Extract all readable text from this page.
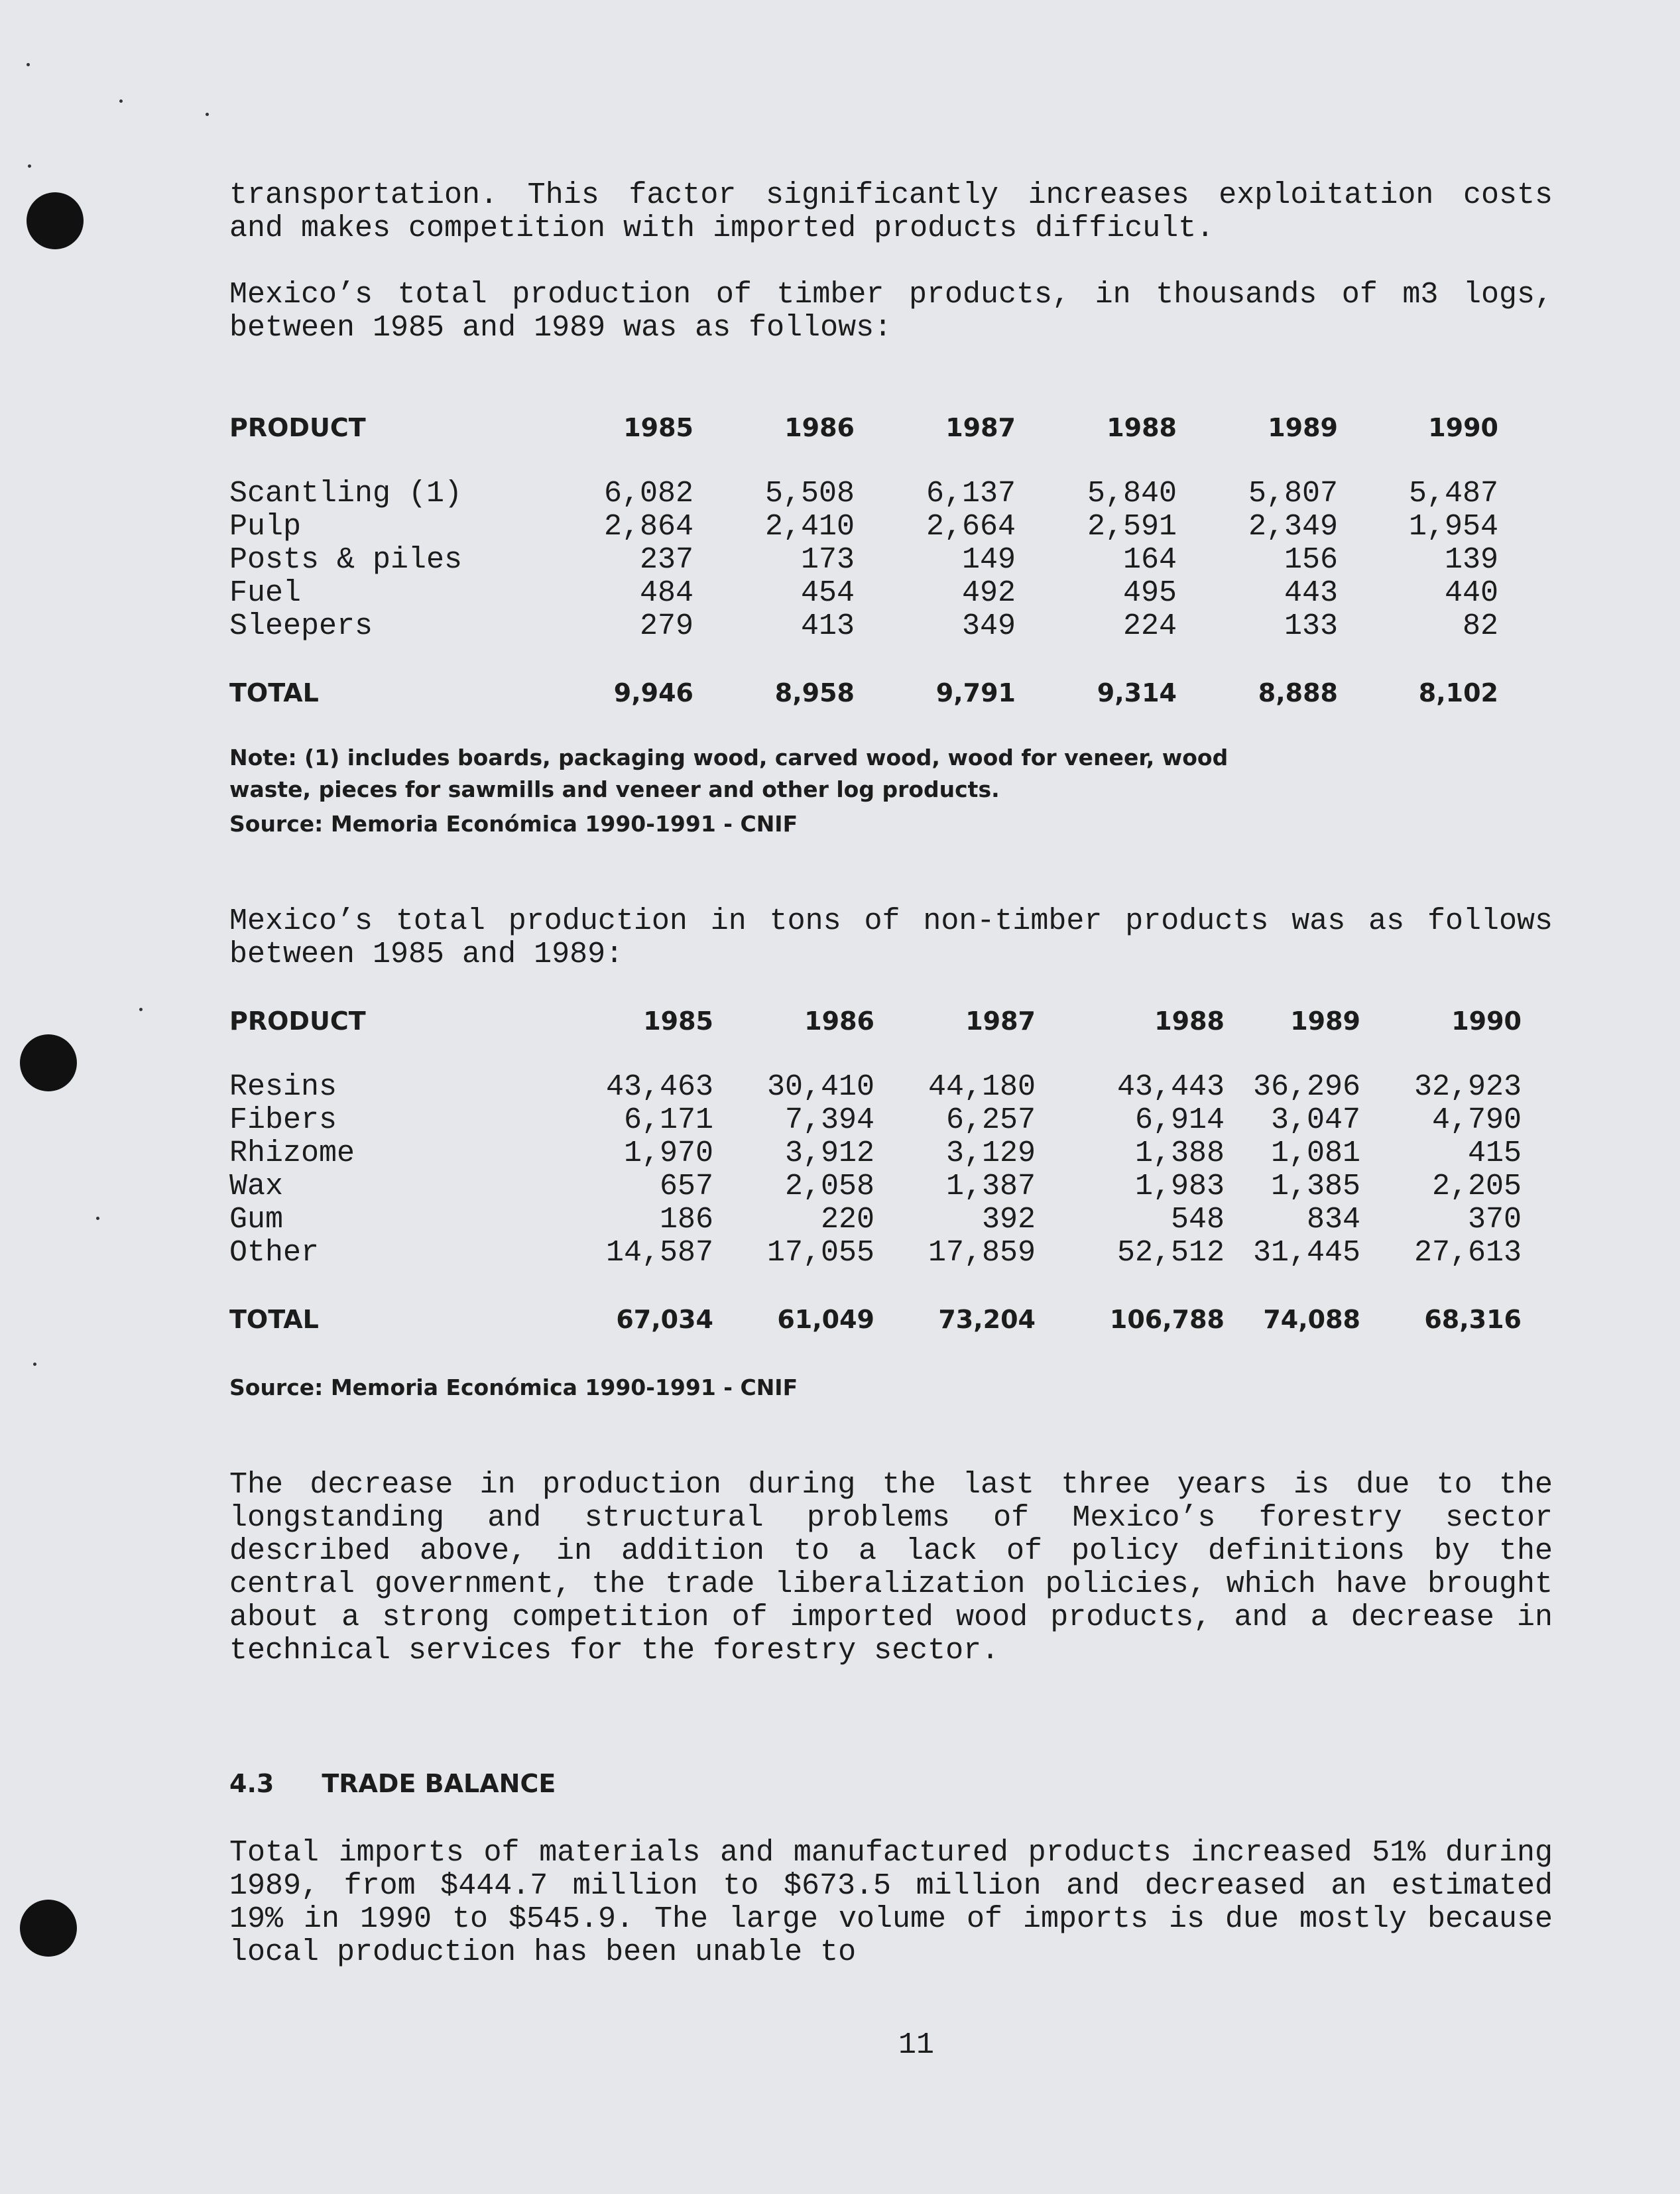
transportation. This factor significantly increases exploitation costs and makes competition with imported products difficult.
Mexico’s total production of timber products, in thousands of m3 logs, between 1985 and 1989 was as follows:
PRODUCT	1985	1986	1987	1988	1989	1990

Scantling (1)	6,082	5,508	6,137	5,840	5,807	5,487
Pulp	2,864	2,410	2,664	2,591	2,349	1,954
Posts & piles	237	173	149	164	156	139
Fuel	484	454	492	495	443	440
Sleepers	279	413	349	224	133	82

TOTAL	9,946	8,958	9,791	9,314	8,888	8,102
Note: (1) includes boards, packaging wood, carved wood, wood for veneer, wood
waste, pieces for sawmills and veneer and other log products.
Source: Memoria Económica 1990-1991 - CNIF
Mexico’s total production in tons of non-timber products was as follows between 1985 and 1989:
PRODUCT	1985	1986	1987	1988	1989	1990

Resins	43,463	30,410	44,180	43,443	36,296	32,923
Fibers	6,171	7,394	6,257	6,914	3,047	4,790
Rhizome	1,970	3,912	3,129	1,388	1,081	415
Wax	657	2,058	1,387	1,983	1,385	2,205
Gum	186	220	392	548	834	370
Other	14,587	17,055	17,859	52,512	31,445	27,613

TOTAL	67,034	61,049	73,204	106,788	74,088	68,316
Source: Memoria Económica 1990-1991 - CNIF
The decrease in production during the last three years is due to the longstanding and structural problems of Mexico’s forestry sector described above, in addition to a lack of policy definitions by the central government, the trade liberalization policies, which have brought about a strong competition of imported wood products, and a decrease in technical services for the forestry sector.
4.3 TRADE BALANCE
Total imports of materials and manufactured products increased 51% during 1989, from $444.7 million to $673.5 million and decreased an estimated 19% in 1990 to $545.9. The large volume of imports is due mostly because local production has been unable to
11
